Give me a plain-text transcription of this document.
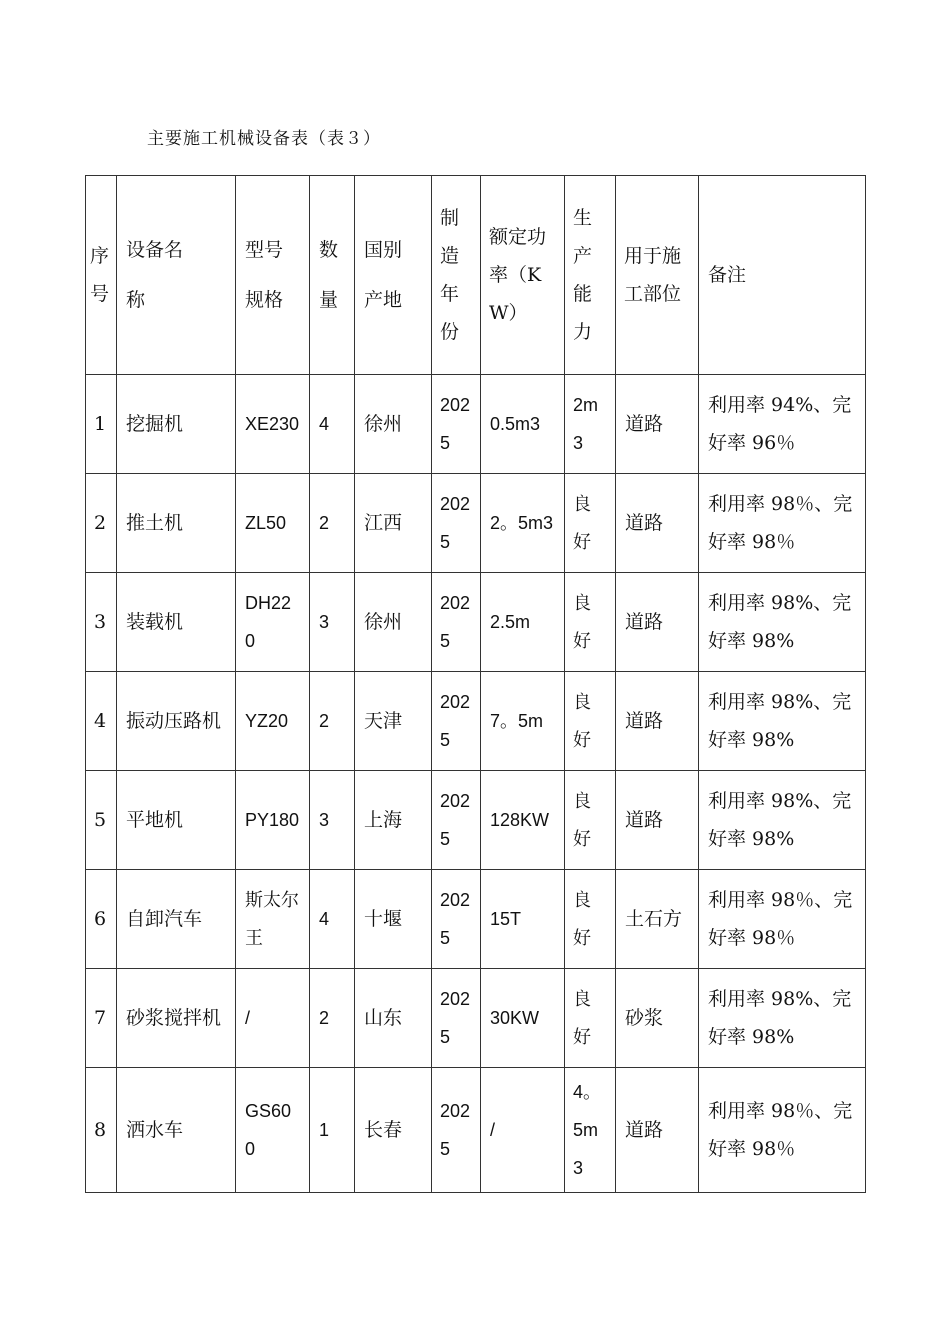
主要施工机械设备表（表３）
序号	设备名称	型号规格	数量	国别产地	制造年份	额定功率（KW）	生产能力	用于施工部位	备注
1	挖掘机	XE230	4	徐州	2025	0.5m3	2m3	道路	利用率 94%、完好率 96％
2	推土机	ZL50	2	江西	2025	2。5m3	良好	道路	利用率 98％、完好率 98％
3	装载机	DH220	3	徐州	2025	2.5m	良好	道路	利用率 98%、完好率 98%
4	振动压路机	YZ20	2	天津	2025	7。5m	良好	道路	利用率 98%、完好率 98%
5	平地机	PY180	3	上海	2025	128KW	良好	道路	利用率 98%、完好率 98%
6	自卸汽车	斯太尔王	4	十堰	2025	15T	良好	土石方	利用率 98％、完好率 98％
7	砂浆搅拌机	/	2	山东	2025	30KW	良好	砂浆	利用率 98%、完好率 98%
8	洒水车	GS600	1	长春	2025	/	4。5m3	道路	利用率 98％、完好率 98％
